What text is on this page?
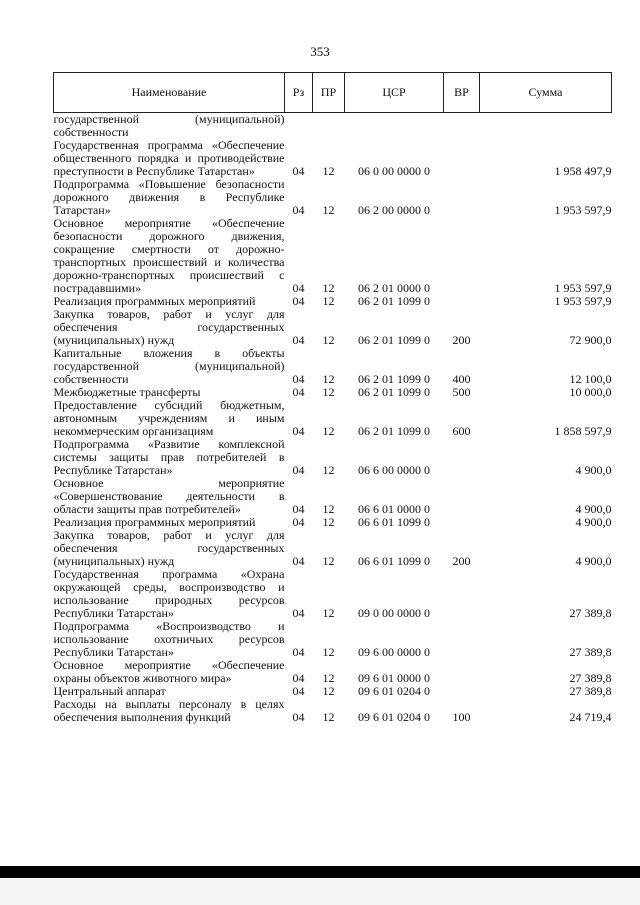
353
Наименование	Рз	ПР	ЦСР	ВР	Сумма
государственной (муниципальной) собственности					
Государственная программа «Обеспечение общественного порядка и противодействие преступности в Республике Татарстан»	04	12	06 0 00 0000 0		1 958 497,9
Подпрограмма «Повышение безопасности дорожного движения в Республике Татарстан»	04	12	06 2 00 0000 0		1 953 597,9
Основное мероприятие «Обеспечение безопасности дорожного движения, сокращение смертности от дорожно-транспортных происшествий и количества дорожно-транспортных происшествий с пострадавшими»	04	12	06 2 01 0000 0		1 953 597,9
Реализация программных мероприятий	04	12	06 2 01 1099 0		1 953 597,9
Закупка товаров, работ и услуг для обеспечения государственных (муниципальных) нужд	04	12	06 2 01 1099 0	200	72 900,0
Капитальные вложения в объекты государственной (муниципальной) собственности	04	12	06 2 01 1099 0	400	12 100,0
Межбюджетные трансферты	04	12	06 2 01 1099 0	500	10 000,0
Предоставление субсидий бюджетным, автономным учреждениям и иным некоммерческим организациям	04	12	06 2 01 1099 0	600	1 858 597,9
Подпрограмма «Развитие комплексной системы защиты прав потребителей в Республике Татарстан»	04	12	06 6 00 0000 0		4 900,0
Основное мероприятие «Совершенствование деятельности в области защиты прав потребителей»	04	12	06 6 01 0000 0		4 900,0
Реализация программных мероприятий	04	12	06 6 01 1099 0		4 900,0
Закупка товаров, работ и услуг для обеспечения государственных (муниципальных) нужд	04	12	06 6 01 1099 0	200	4 900,0
Государственная программа «Охрана окружающей среды, воспроизводство и использование природных ресурсов Республики Татарстан»	04	12	09 0 00 0000 0		27 389,8
Подпрограмма «Воспроизводство и использование охотничьих ресурсов Республики Татарстан»	04	12	09 6 00 0000 0		27 389,8
Основное мероприятие «Обеспечение охраны объектов животного мира»	04	12	09 6 01 0000 0		27 389,8
Центральный аппарат	04	12	09 6 01 0204 0		27 389,8
Расходы на выплаты персоналу в целях обеспечения выполнения функций	04	12	09 6 01 0204 0	100	24 719,4
